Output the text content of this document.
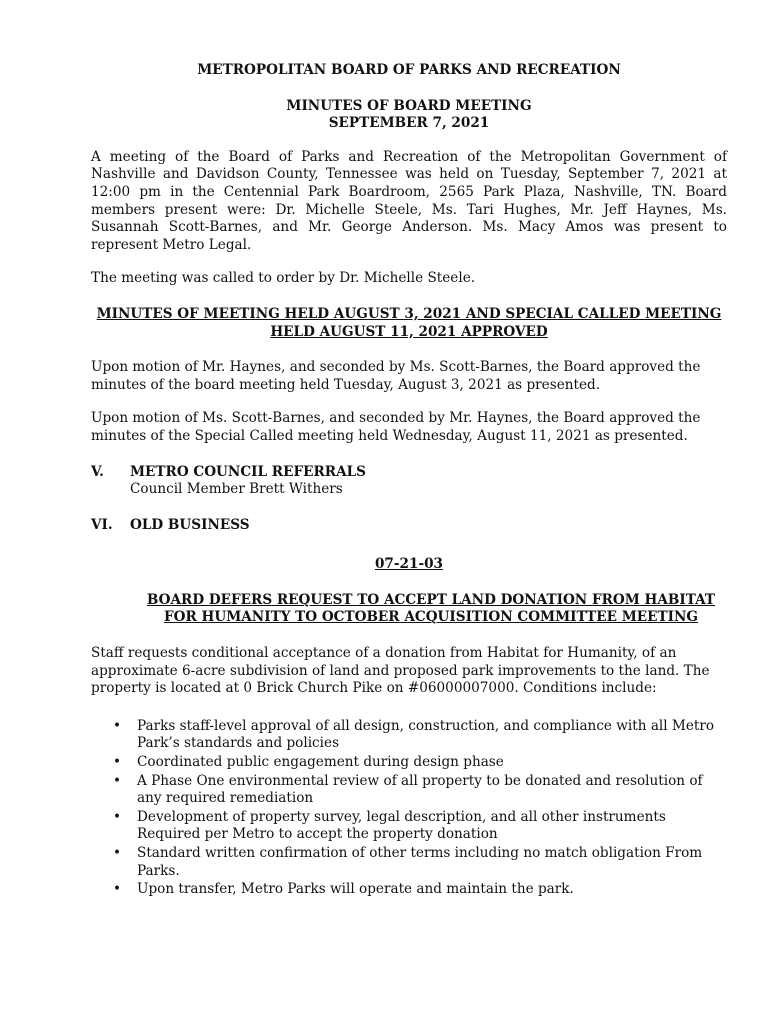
METROPOLITAN BOARD OF PARKS AND RECREATION
MINUTES OF BOARD MEETING
SEPTEMBER 7, 2021

A meeting of the Board of Parks and Recreation of the Metropolitan Government of Nashville and Davidson County, Tennessee was held on Tuesday, September 7, 2021 at 12:00 pm in the Centennial Park Boardroom, 2565 Park Plaza, Nashville, TN. Board members present were: Dr. Michelle Steele, Ms. Tari Hughes, Mr. Jeff Haynes, Ms. Susannah Scott-Barnes, and Mr. George Anderson. Ms. Macy Amos was present to represent Metro Legal.

The meeting was called to order by Dr. Michelle Steele.

MINUTES OF MEETING HELD AUGUST 3, 2021 AND SPECIAL CALLED MEETING
HELD AUGUST 11, 2021 APPROVED

Upon motion of Mr. Haynes, and seconded by Ms. Scott-Barnes, the Board approved the minutes of the board meeting held Tuesday, August 3, 2021 as presented.

Upon motion of Ms. Scott-Barnes, and seconded by Mr. Haynes, the Board approved the minutes of the Special Called meeting held Wednesday, August 11, 2021 as presented.

V.	METRO COUNCIL REFERRALS
Council Member Brett Withers
VI.	OLD BUSINESS
07-21-03
BOARD DEFERS REQUEST TO ACCEPT LAND DONATION FROM HABITAT
FOR HUMANITY TO OCTOBER ACQUISITION COMMITTEE MEETING

Staff requests conditional acceptance of a donation from Habitat for Humanity, of an approximate 6-acre subdivision of land and proposed park improvements to the land. The property is located at 0 Brick Church Pike on #06000007000. Conditions include:

• Parks staff-level approval of all design, construction, and compliance with all Metro Park’s standards and policies
• Coordinated public engagement during design phase
• A Phase One environmental review of all property to be donated and resolution of any required remediation
• Development of property survey, legal description, and all other instruments Required per Metro to accept the property donation
• Standard written confirmation of other terms including no match obligation From Parks.
• Upon transfer, Metro Parks will operate and maintain the park.
